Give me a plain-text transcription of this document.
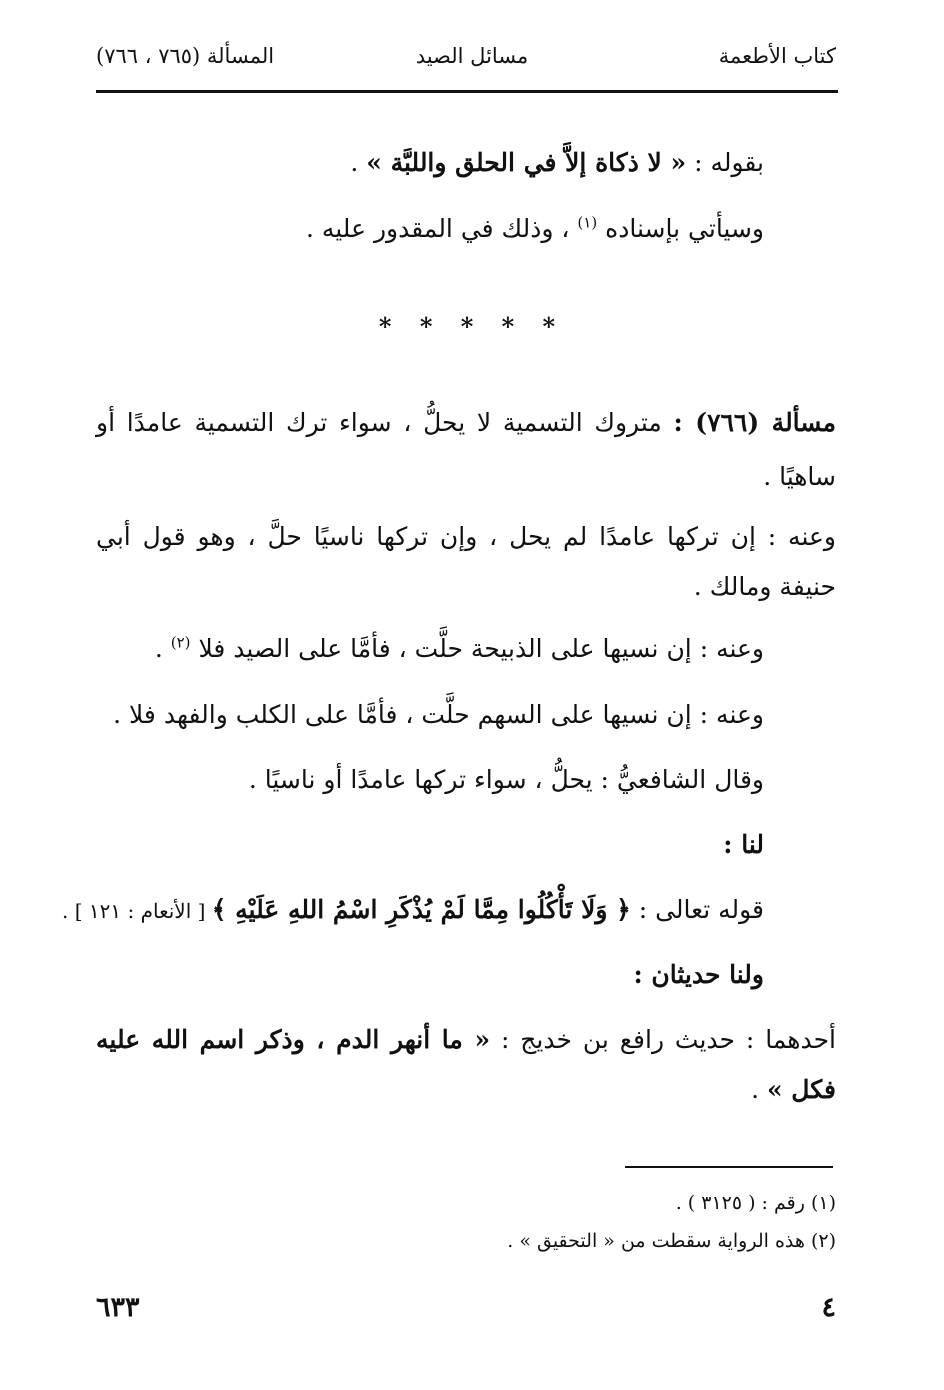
كتاب الأطعمة
مسائل الصيد
المسألة (٧٦٥ ، ٧٦٦)
بقوله : « لا ذكاة إلاَّ في الحلق واللبَّة » .
وسيأتي بإسناده $^{(١)}$ ، وذلك في المقدور عليه .
* * * * *
مسألة (٧٦٦) : متروك التسمية لا يحلُّ ، سواء ترك التسمية عامدًا أو
ساهيًا .
وعنه : إن تركها عامدًا لم يحل ، وإن تركها ناسيًا حلَّ ، وهو قول أبي
حنيفة ومالك .
وعنه : إن نسيها على الذبيحة حلَّت ، فأمَّا على الصيد فلا $^{(٢)}$ .
وعنه : إن نسيها على السهم حلَّت ، فأمَّا على الكلب والفهد فلا .
وقال الشافعيُّ : يحلُّ ، سواء تركها عامدًا أو ناسيًا .
لنا :
قوله تعالى : ﴿ وَلَا تَأْكُلُوا مِمَّا لَمْ يُذْكَرِ اسْمُ اللهِ عَلَيْهِ ﴾ [ الأنعام : ١٢١ ] .
ولنا حديثان :
أحدهما : حديث رافع بن خديج : « ما أنهر الدم ، وذكر اسم الله عليه
فكل » .
(١) رقم : ( ٣١٢٥ ) .
(٢) هذه الرواية سقطت من « التحقيق » .
٤
٦٣٣
